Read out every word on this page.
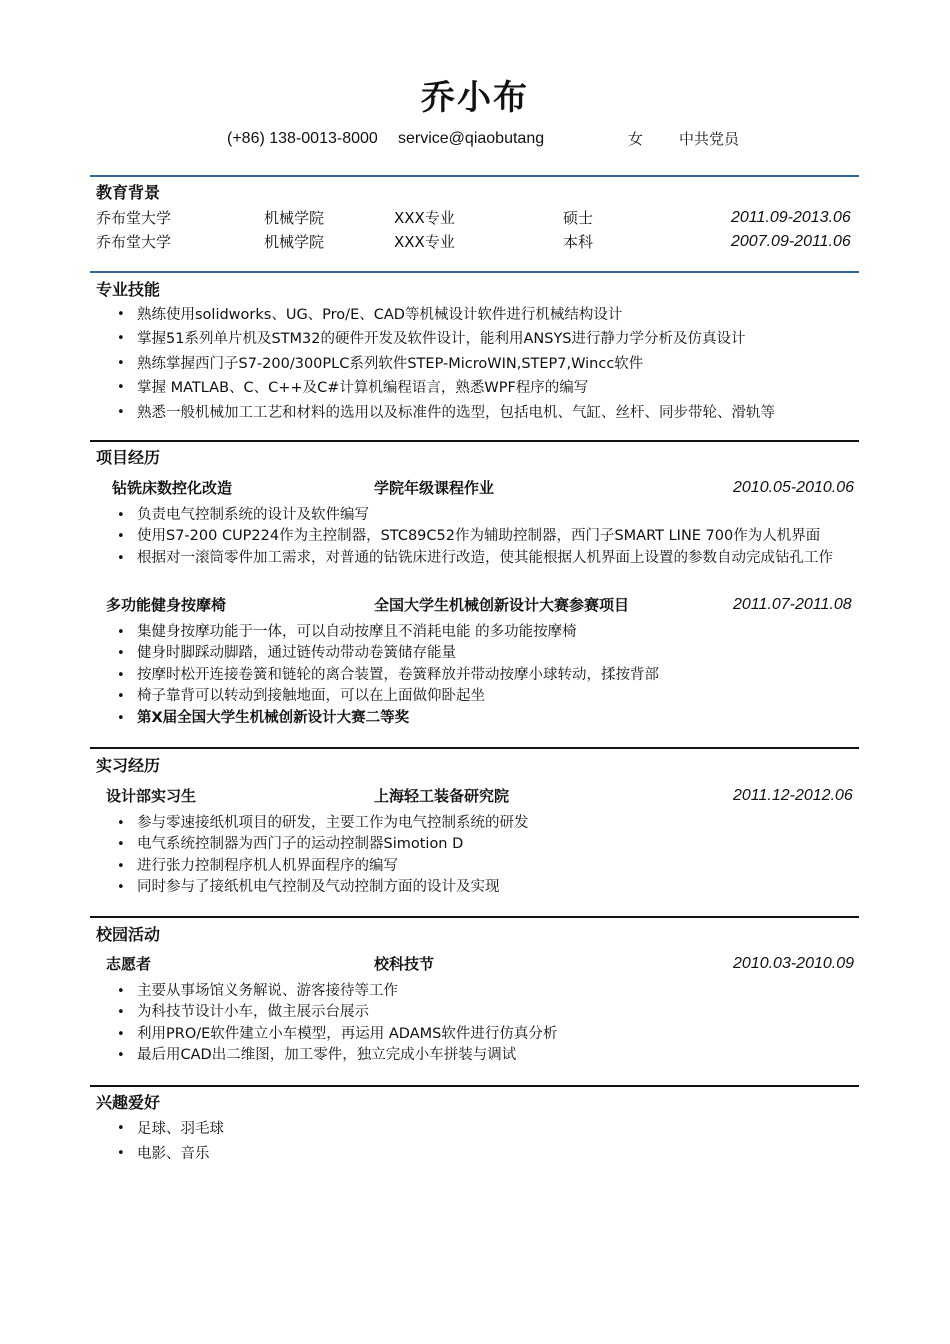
乔小布
(+86) 138-0013-8000 service@qiaobutang	女 中共党员
教育背景
乔布堂大学	机械学院	XXX专业	硕士	2011.09-2013.06
乔布堂大学	机械学院	XXX专业	本科	2007.09-2011.06
专业技能
• 熟练使用solidworks、UG、Pro/E、CAD等机械设计软件进行机械结构设计
• 掌握51系列单片机及STM32的硬件开发及软件设计，能利用ANSYS进行静力学分析及仿真设计
• 熟练掌握西门子S7-200/300PLC系列软件STEP-MicroWIN,STEP7,Wincc软件
• 掌握 MATLAB、C、C++及C#计算机编程语言，熟悉WPF程序的编写
• 熟悉一般机械加工工艺和材料的选用以及标准件的选型，包括电机、气缸、丝杆、同步带轮、滑轨等
项目经历
钻铣床数控化改造	学院年级课程作业	2010.05-2010.06
• 负责电气控制系统的设计及软件编写
• 使用S7-200 CUP224作为主控制器，STC89C52作为辅助控制器，西门子SMART LINE 700作为人机界面
• 根据对一滚筒零件加工需求，对普通的钻铣床进行改造，使其能根据人机界面上设置的参数自动完成钻孔工作
多功能健身按摩椅	全国大学生机械创新设计大赛参赛项目	2011.07-2011.08
• 集健身按摩功能于一体，可以自动按摩且不消耗电能 的多功能按摩椅
• 健身时脚踩动脚踏，通过链传动带动卷簧储存能量
• 按摩时松开连接卷簧和链轮的离合装置，卷簧释放并带动按摩小球转动，揉按背部
• 椅子靠背可以转动到接触地面，可以在上面做仰卧起坐
• 第X届全国大学生机械创新设计大赛二等奖
实习经历
设计部实习生	上海轻工装备研究院	2011.12-2012.06
• 参与零速接纸机项目的研发，主要工作为电气控制系统的研发
• 电气系统控制器为西门子的运动控制器Simotion D
• 进行张力控制程序机人机界面程序的编写
• 同时参与了接纸机电气控制及气动控制方面的设计及实现
校园活动
志愿者	校科技节	2010.03-2010.09
• 主要从事场馆义务解说、游客接待等工作
• 为科技节设计小车，做主展示台展示
• 利用PRO/E软件建立小车模型，再运用 ADAMS软件进行仿真分析
• 最后用CAD出二维图，加工零件，独立完成小车拼装与调试
兴趣爱好
• 足球、羽毛球
• 电影、音乐
